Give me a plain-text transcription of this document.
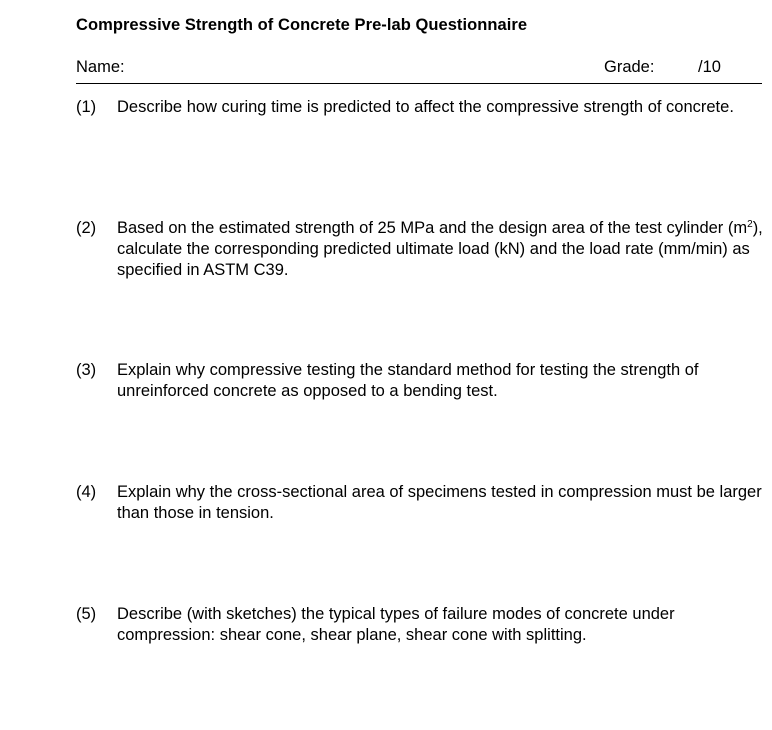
Compressive Strength of Concrete Pre-lab Questionnaire
Name:	Grade:	/10
(1) Describe how curing time is predicted to affect the compressive strength of concrete.
(2) Based on the estimated strength of 25 MPa and the design area of the test cylinder $(m^2)$, calculate the corresponding predicted ultimate load (kN) and the load rate (mm/min) as specified in ASTM C39.
(3) Explain why compressive testing the standard method for testing the strength of unreinforced concrete as opposed to a bending test.
(4) Explain why the cross-sectional area of specimens tested in compression must be larger than those in tension.
(5) Describe (with sketches) the typical types of failure modes of concrete under compression: shear cone, shear plane, shear cone with splitting.
